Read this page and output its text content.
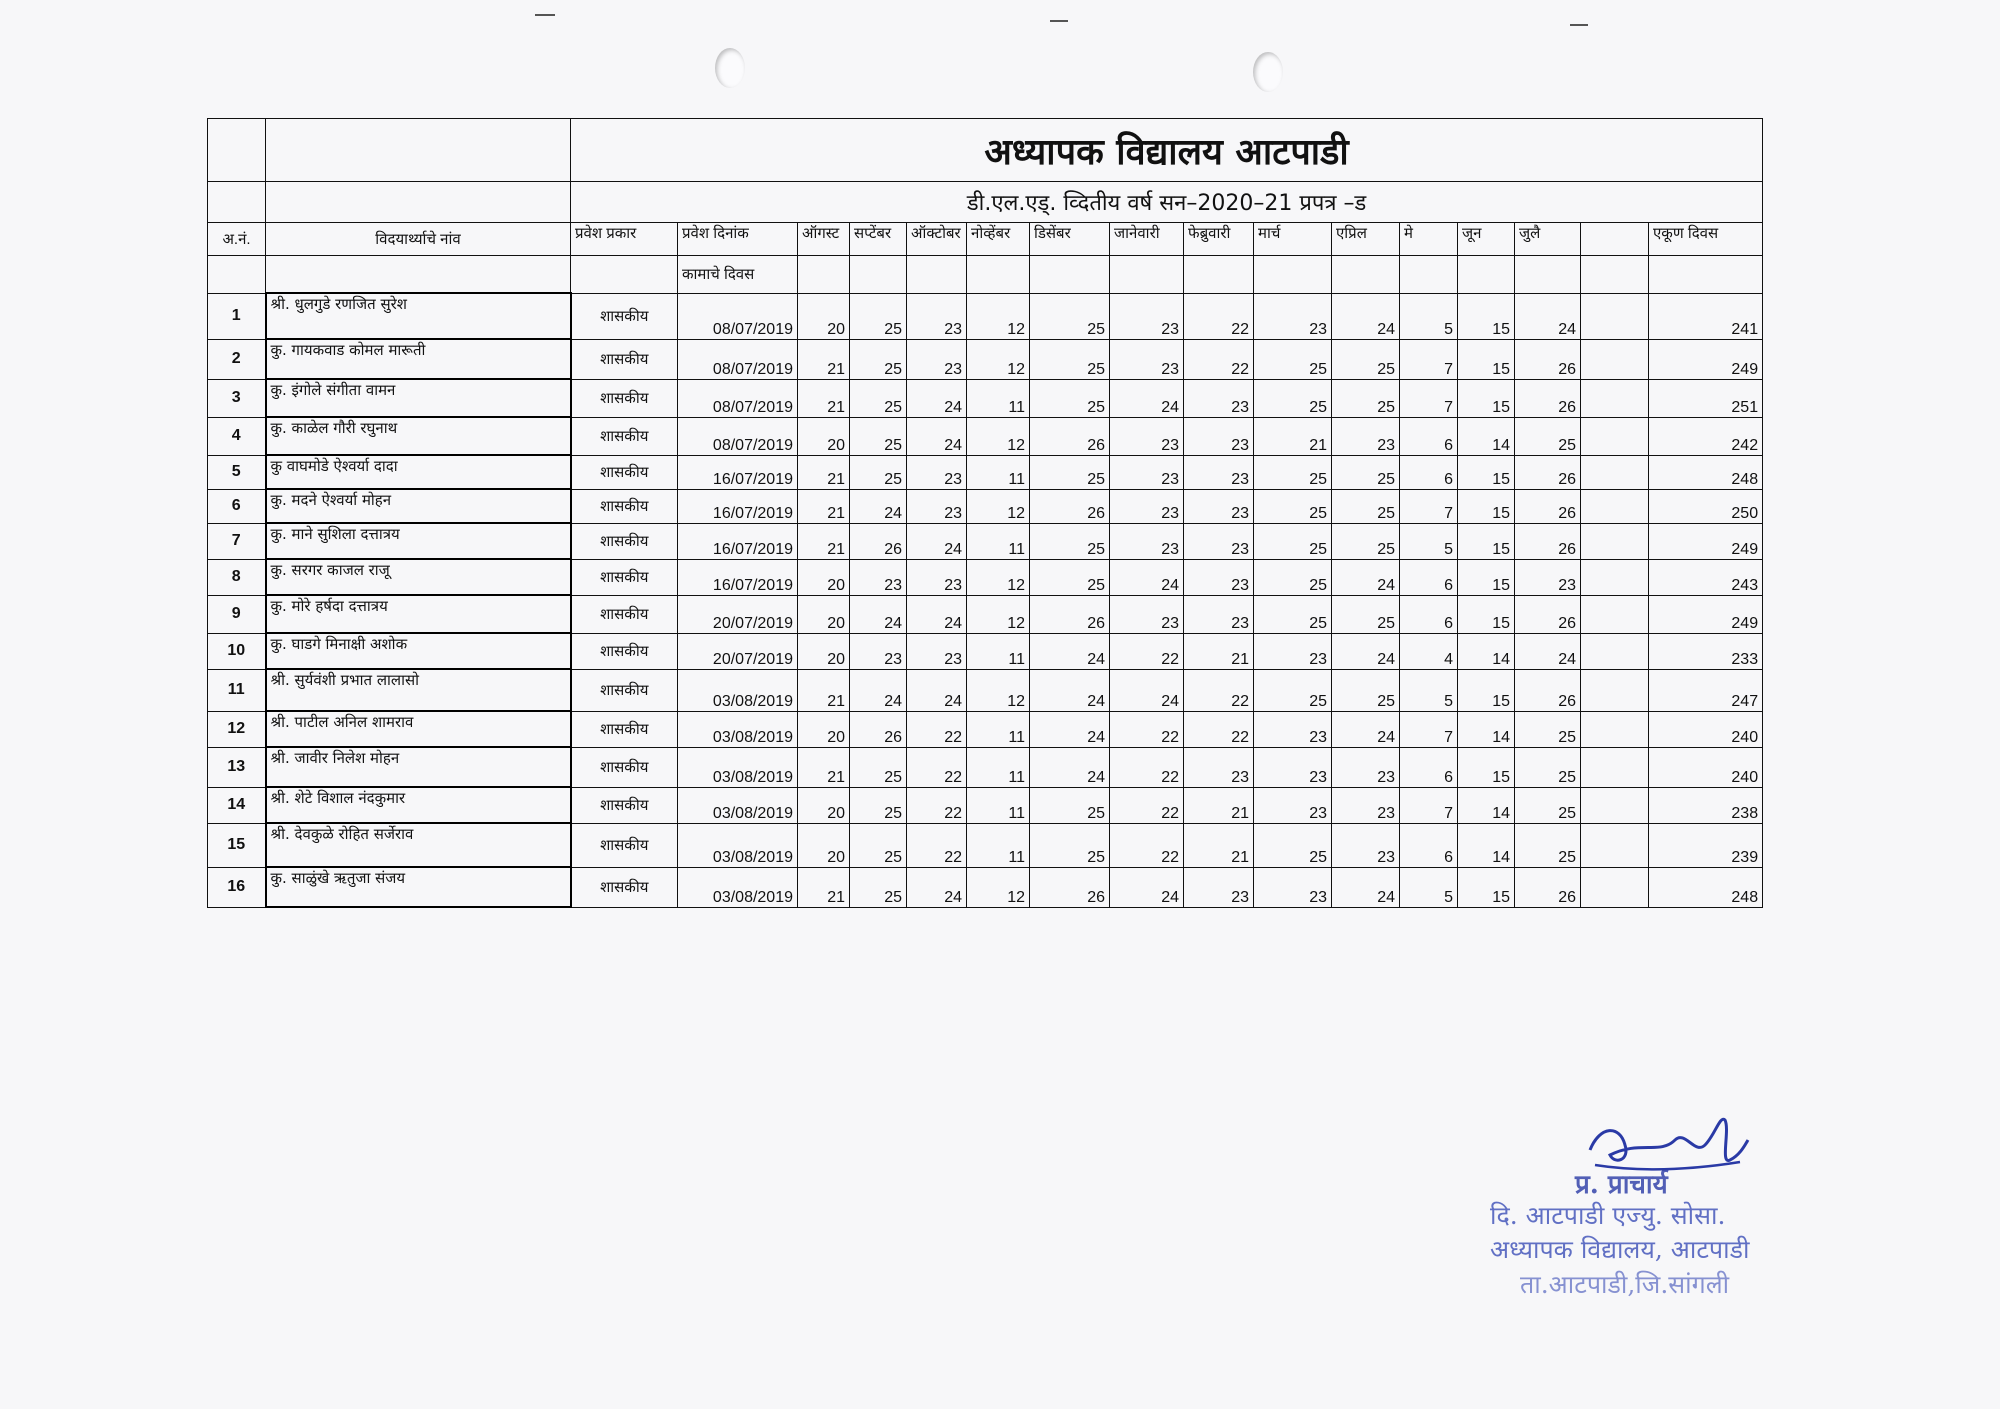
		अध्यापक विद्यालय आटपाडी															
		डी.एल.एड्. व्दितीय वर्ष सन–2020–21 प्रपत्र –ड															
अ.नं.	विदयार्थ्याचे नांव	प्रवेश प्रकार	प्रवेश दिनांक	ऑगस्ट	सप्टेंबर	ऑक्टोबर	नोव्हेंबर	डिसेंबर	जानेवारी	फेब्रुवारी	मार्च	एप्रिल	मे	जून	जुलै		एकूण दिवस
			कामाचे दिवस														
1	श्री. धुलगुडे रणजित सुरेश	शासकीय	08/07/2019	20	25	23	12	25	23	22	23	24	5	15	24		241
2	कु. गायकवाड कोमल मारूती	शासकीय	08/07/2019	21	25	23	12	25	23	22	25	25	7	15	26		249
3	कु. इंगोले संगीता वामन	शासकीय	08/07/2019	21	25	24	11	25	24	23	25	25	7	15	26		251
4	कु. काळेल गौरी रघुनाथ	शासकीय	08/07/2019	20	25	24	12	26	23	23	21	23	6	14	25		242
5	कु वाघमोडे ऐश्वर्या दादा	शासकीय	16/07/2019	21	25	23	11	25	23	23	25	25	6	15	26		248
6	कु. मदने ऐश्वर्या मोहन	शासकीय	16/07/2019	21	24	23	12	26	23	23	25	25	7	15	26		250
7	कु. माने सुशिला दत्तात्रय	शासकीय	16/07/2019	21	26	24	11	25	23	23	25	25	5	15	26		249
8	कु. सरगर काजल राजू	शासकीय	16/07/2019	20	23	23	12	25	24	23	25	24	6	15	23		243
9	कु. मोरे हर्षदा दत्तात्रय	शासकीय	20/07/2019	20	24	24	12	26	23	23	25	25	6	15	26		249
10	कु. घाडगे मिनाक्षी अशोक	शासकीय	20/07/2019	20	23	23	11	24	22	21	23	24	4	14	24		233
11	श्री. सुर्यवंशी प्रभात लालासो	शासकीय	03/08/2019	21	24	24	12	24	24	22	25	25	5	15	26		247
12	श्री. पाटील अनिल शामराव	शासकीय	03/08/2019	20	26	22	11	24	22	22	23	24	7	14	25		240
13	श्री. जावीर निलेश मोहन	शासकीय	03/08/2019	21	25	22	11	24	22	23	23	23	6	15	25		240
14	श्री. शेटे विशाल नंदकुमार	शासकीय	03/08/2019	20	25	22	11	25	22	21	23	23	7	14	25		238
15	श्री. देवकुळे रोहित सर्जेराव	शासकीय	03/08/2019	20	25	22	11	25	22	21	25	23	6	14	25		239
16	कु. साळुंखे ऋतुजा संजय	शासकीय	03/08/2019	21	25	24	12	26	24	23	23	24	5	15	26		248
प्र. प्राचार्य
दि. आटपाडी एज्यु. सोसा.
अध्यापक विद्यालय, आटपाडी
ता.आटपाडी,जि.सांगली
